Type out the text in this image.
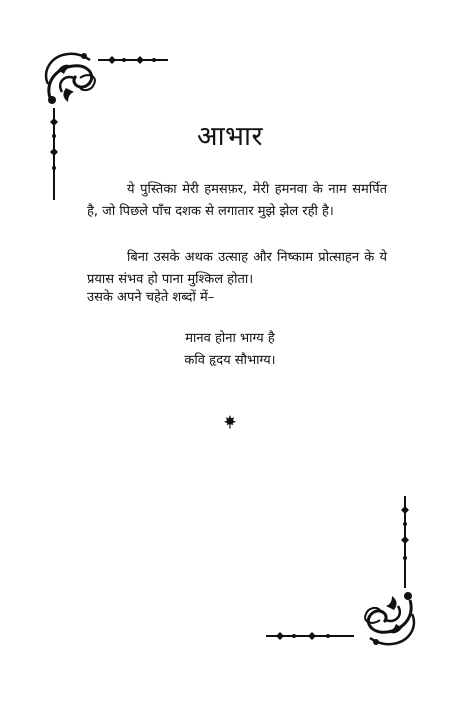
आभार

ये पुस्तिका मेरी हमसफ़र, मेरी हमनवा के नाम समर्पित है, जो पिछले पाँच दशक से लगातार मुझे झेल रही है।

बिना उसके अथक उत्साह और निष्काम प्रोत्साहन के ये प्रयास संभव हो पाना मुश्किल होता।

उसके अपने चहेते शब्दों में–

मानव होना भाग्य है
कवि हृदय सौभाग्य।
